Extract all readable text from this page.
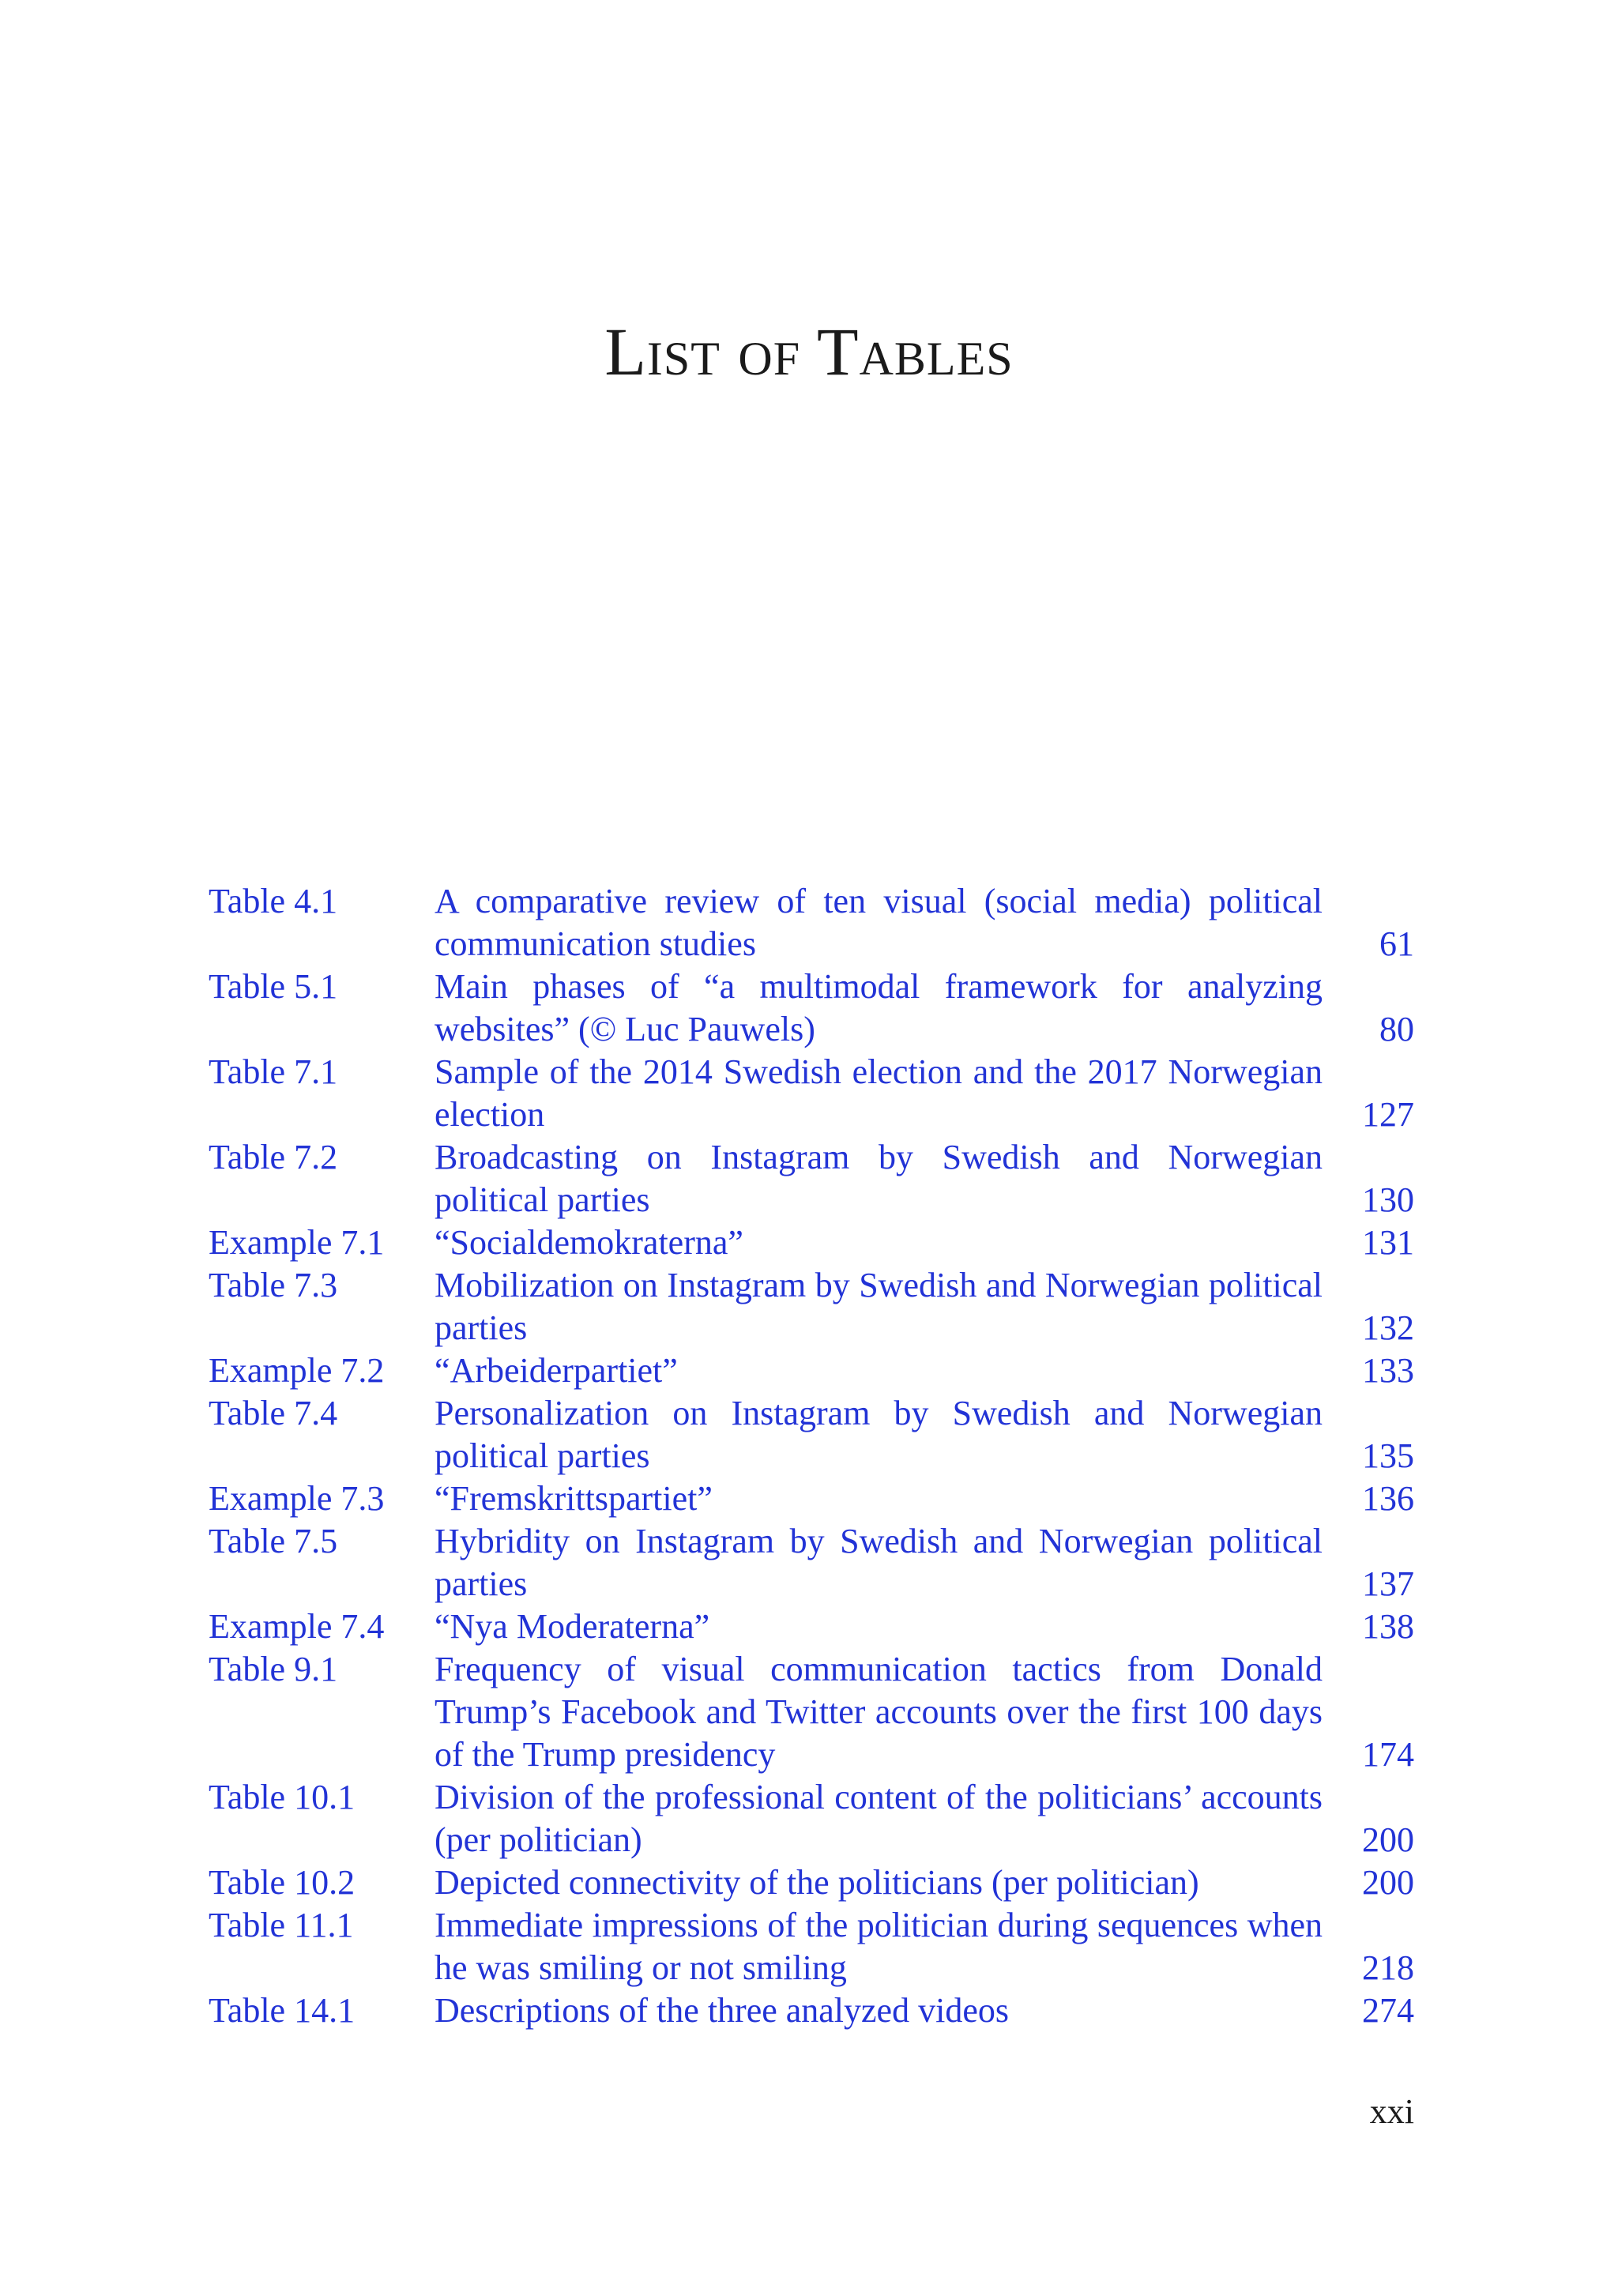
List of Tables
Table 4.1	A comparative review of ten visual (social media) political communication studies	61
Table 5.1	Main phases of “a multimodal framework for analyzing websites” (© Luc Pauwels)	80
Table 7.1	Sample of the 2014 Swedish election and the 2017 Norwegian election	127
Table 7.2	Broadcasting on Instagram by Swedish and Norwegian political parties	130
Example 7.1	“Socialdemokraterna”	131
Table 7.3	Mobilization on Instagram by Swedish and Norwegian political parties	132
Example 7.2	“Arbeiderpartiet”	133
Table 7.4	Personalization on Instagram by Swedish and Norwegian political parties	135
Example 7.3	“Fremskrittspartiet”	136
Table 7.5	Hybridity on Instagram by Swedish and Norwegian political parties	137
Example 7.4	“Nya Moderaterna”	138
Table 9.1	Frequency of visual communication tactics from Donald Trump’s Facebook and Twitter accounts over the first 100 days of the Trump presidency	174
Table 10.1	Division of the professional content of the politicians’ accounts (per politician)	200
Table 10.2	Depicted connectivity of the politicians (per politician)	200
Table 11.1	Immediate impressions of the politician during sequences when he was smiling or not smiling	218
Table 14.1	Descriptions of the three analyzed videos	274
xxi
